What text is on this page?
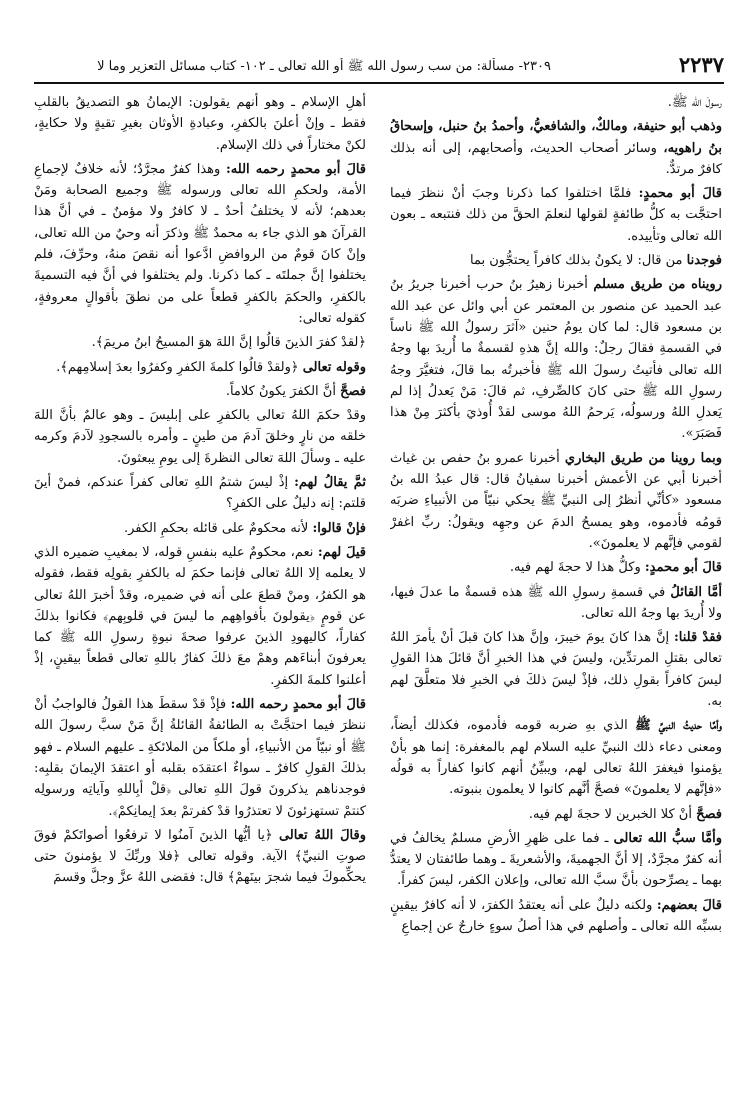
٢٢٣٧
٢٣٠٩- مسألة: من سب رسول الله ﷺ أو الله تعالى ـ ١٠٢- كتاب مسائل التعزير وما لا

رسولَ الله ﷺ.

وذهب أبو حنيفة، ومالكٌ، والشافعيُّ، وأحمدُ بنُ حنبل، وإسحاقُ بنُ راهويه، وسائر أصحاب الحديث، وأصحابهم، إلى أنه بذلك كافرٌ مرتدٌّ.

قالَ أبو محمدٍ: فلمَّا اختلفوا كما ذكرنا وجبَ أنْ ننظرَ فيما احتجَّت به كلُّ طائفةٍ لقولها لنعلمَ الحقَّ من ذلك فنتبعه ـ بعون الله تعالى وتأييده.

فوجدنا من قال: لا يكونُ بذلك كافراً يحتجُّون بما

رويناه من طريق مسلم أخبرنا زهيرُ بنُ حرب أخبرنا جريرُ بنُ عبد الحميد عن منصور بن المعتمر عن أبي وائل عن عبد الله بن مسعود قال: لما كان يومُ حنين «آثرَ رسولُ الله ﷺ ناساً في القسمةِ فقالَ رجلٌ: والله إنَّ هذهِ لقسمةٌ ما أُريدَ بها وجهُ الله تعالى فأتيتُ رسولَ الله ﷺ فأخبرتُه بما قالَ، فتغيَّرَ وجهُ رسولِ الله ﷺ حتى كانَ كالصِّرفِ، ثم قالَ: مَنْ يَعدلُ إذا لم يَعدلِ اللهُ ورسولُه، يَرحمُ اللهُ موسى لقدْ أُوذيَ بأكثرَ مِنْ هذا فَصَبَرَ».

وبما روينا من طريق البخاري أخبرنا عمرو بنُ حفص بن غياث أخبرنا أبي عن الأعمش أخبرنا سفيانُ قال: قال عبدُ الله بنُ مسعود «كأنِّي أنظرُ إلى النبيِّ ﷺ يحكي نبيّاً من الأنبياءِ ضربَه قومُه فأدموه، وهو يمسحُ الدمَ عن وجهِه ويقولُ: ربِّ اغفرْ لقومي فإنَّهم لا يعلمونَ».

قالَ أبو محمدٍ: وكلُّ هذا لا حجةَ لهم فيه.

أمَّا القائلُ في قسمةِ رسولِ الله ﷺ هذه قسمةٌ ما عدلَ فيها، ولا أُريدَ بها وجهُ الله تعالى.

فقدْ قلنا: إنَّ هذا كانَ يومَ خيبرَ، وإنَّ هذا كانَ قبلَ أنْ يأمرَ اللهُ تعالى بقتلِ المرتدِّين، وليسَ في هذا الخبرِ أنَّ قائلَ هذا القولِ ليسَ كافراً بقولِ ذلك، فإذْ ليسَ ذلكَ في الخبرِ فلا متعلَّقَ لهم به.

وأمَّا حديثُ النبيِّ ﷺ الذي بهِ ضربه قومه فأدموه، فكذلك أيضاً، ومعنى دعاء ذلك النبيِّ عليه السلام لهم بالمغفرة: إنما هو بأنْ يؤمنوا فيغفرَ اللهُ تعالى لهم، ويبيِّنُ أنهم كانوا كفاراً به قولُه «فإنَّهم لا يعلمونَ» فصحَّ أنَّهم كانوا لا يعلمون بنبوته.

فصحَّ أنْ كلا الخبرين لا حجةَ لهم فيه.

وأمَّا سبُّ الله تعالى ـ فما على ظهرِ الأرضِ مسلمٌ يخالفُ في أنه كفرٌ مجرَّدٌ، إلا أنَّ الجهميةَ، والأشعريةَ ـ وهما طائفتان لا يعتدُّ بهما ـ يصرِّحون بأنَّ سبَّ الله تعالى، وإعلان الكفر، ليسَ كفراً.

قالَ بعضهم: ولكنه دليلٌ على أنه يعتقدُ الكفرَ، لا أنه كافرٌ بيقينٍ بسبِّه الله تعالى ـ وأصلهم في هذا أصلُ سوءٍ خارجٌ عن إجماعِ

أهلِ الإسلام ـ وهو أنهم يقولون: الإيمانُ هو التصديقُ بالقلبِ فقط ـ وإنْ أعلنَ بالكفرِ، وعبادةِ الأوثان بغيرِ تقيةٍ ولا حكايةٍ، لكنْ مختاراً في ذلك الإسلام.

قالَ أبو محمدٍ رحمه الله: وهذا كفرٌ مجرَّدٌ؛ لأنه خلافٌ لإجماعِ الأمة، ولحكمِ الله تعالى ورسوله ﷺ وجميع الصحابة ومَنْ بعدهم؛ لأنه لا يختلفُ أحدٌ ـ لا كافرٌ ولا مؤمنٌ ـ في أنَّ هذا القرآنَ هو الذي جاء به محمدٌ ﷺ وذكرَ أنه وحيٌ من الله تعالى، وإنْ كانَ قومٌ من الروافضِ ادَّعوا أنه نقصَ منهُ، وحرِّفَ، فلم يختلفوا إنَّ جملتَه ـ كما ذكرنا. ولم يختلفوا في أنَّ فيه التسميةَ بالكفرِ، والحكمَ بالكفرِ قطعاً على من نطقَ بأقوالٍ معروفةٍ، كقوله تعالى:

﴿لقدْ كفرَ الذينَ قالُوا إنَّ اللهَ هوَ المسيحُ ابنُ مريمَ﴾.

وقوله تعالى ﴿ولقدْ قالُوا كلمةَ الكفرِ وكفرُوا بعدَ إسلامِهم﴾.

فصحَّ أنَّ الكفرَ يكونُ كلاماً.

وقدْ حكمَ اللهُ تعالى بالكفرِ على إبليسَ ـ وهو عالمٌ بأنَّ اللهَ خلقه من نارٍ وخلقَ آدمَ من طينٍ ـ وأمره بالسجودِ لآدمَ وكرمه عليه ـ وسألَ اللهَ تعالى النظرةَ إلى يومِ يبعثونَ.

ثمَّ يقالُ لهم: إذْ ليسَ شتمُ اللهِ تعالى كفراً عندكم، فمنْ أينَ قلتم: إنه دليلٌ على الكفرِ؟

فإنْ قالوا: لأنه محكومٌ على قائله بحكمِ الكفر.

قيلَ لهم: نعم، محكومٌ عليه بنفسِ قوله، لا بمغيبِ ضميره الذي لا يعلمه إلا اللهُ تعالى فإنما حكمَ له بالكفرِ بقولِه فقط، فقوله هو الكفرُ، ومنْ قطعَ على أنه في ضميره، وقدْ أخبرَ اللهُ تعالى عن قومٍ ﴿يقولونَ بأفواهِهم ما ليسَ في قلوبِهم﴾ فكانوا بذلكَ كفاراً، كاليهودِ الذينَ عرفوا صحةَ نبوةِ رسولِ الله ﷺ كما يعرفونَ أبناءَهم وهمْ معَ ذلكَ كفارٌ باللهِ تعالى قطعاً بيقينٍ، إذْ أعلنوا كلمةَ الكفرِ.

قالَ أبو محمدٍ رحمه الله: فإذْ قدْ سقطَ هذا القولُ فالواجبُ أنْ ننظرَ فيما احتجَّتْ به الطائفةُ القائلةُ إنَّ مَنْ سبَّ رسولَ الله ﷺ أو نبيّاً من الأنبياءِ، أو ملكاً من الملائكةِ ـ عليهم السلام ـ فهو بذلكَ القولِ كافرٌ ـ سواءٌ اعتقدَه بقلبه أو اعتقدَ الإيمانَ بقلبِه: فوجدناهم يذكرونَ قولَ اللهِ تعالى ﴿قلْ أبِاللهِ وآياتِه ورسولِه كنتمْ تستهزئونَ لا تعتذرُوا قدْ كفرتمْ بعدَ إيمانِكمْ﴾.

وقالَ اللهُ تعالى ﴿يا أيُّها الذينَ آمنُوا لا ترفعُوا أصواتَكمْ فوقَ صوتِ النبيِّ﴾ الآية. وقوله تعالى ﴿فلا وربِّكَ لا يؤمنونَ حتى يحكِّموكَ فيما شجرَ بينَهمْ﴾ قال: فقضى اللهُ عزَّ وجلَّ وقسمَ
